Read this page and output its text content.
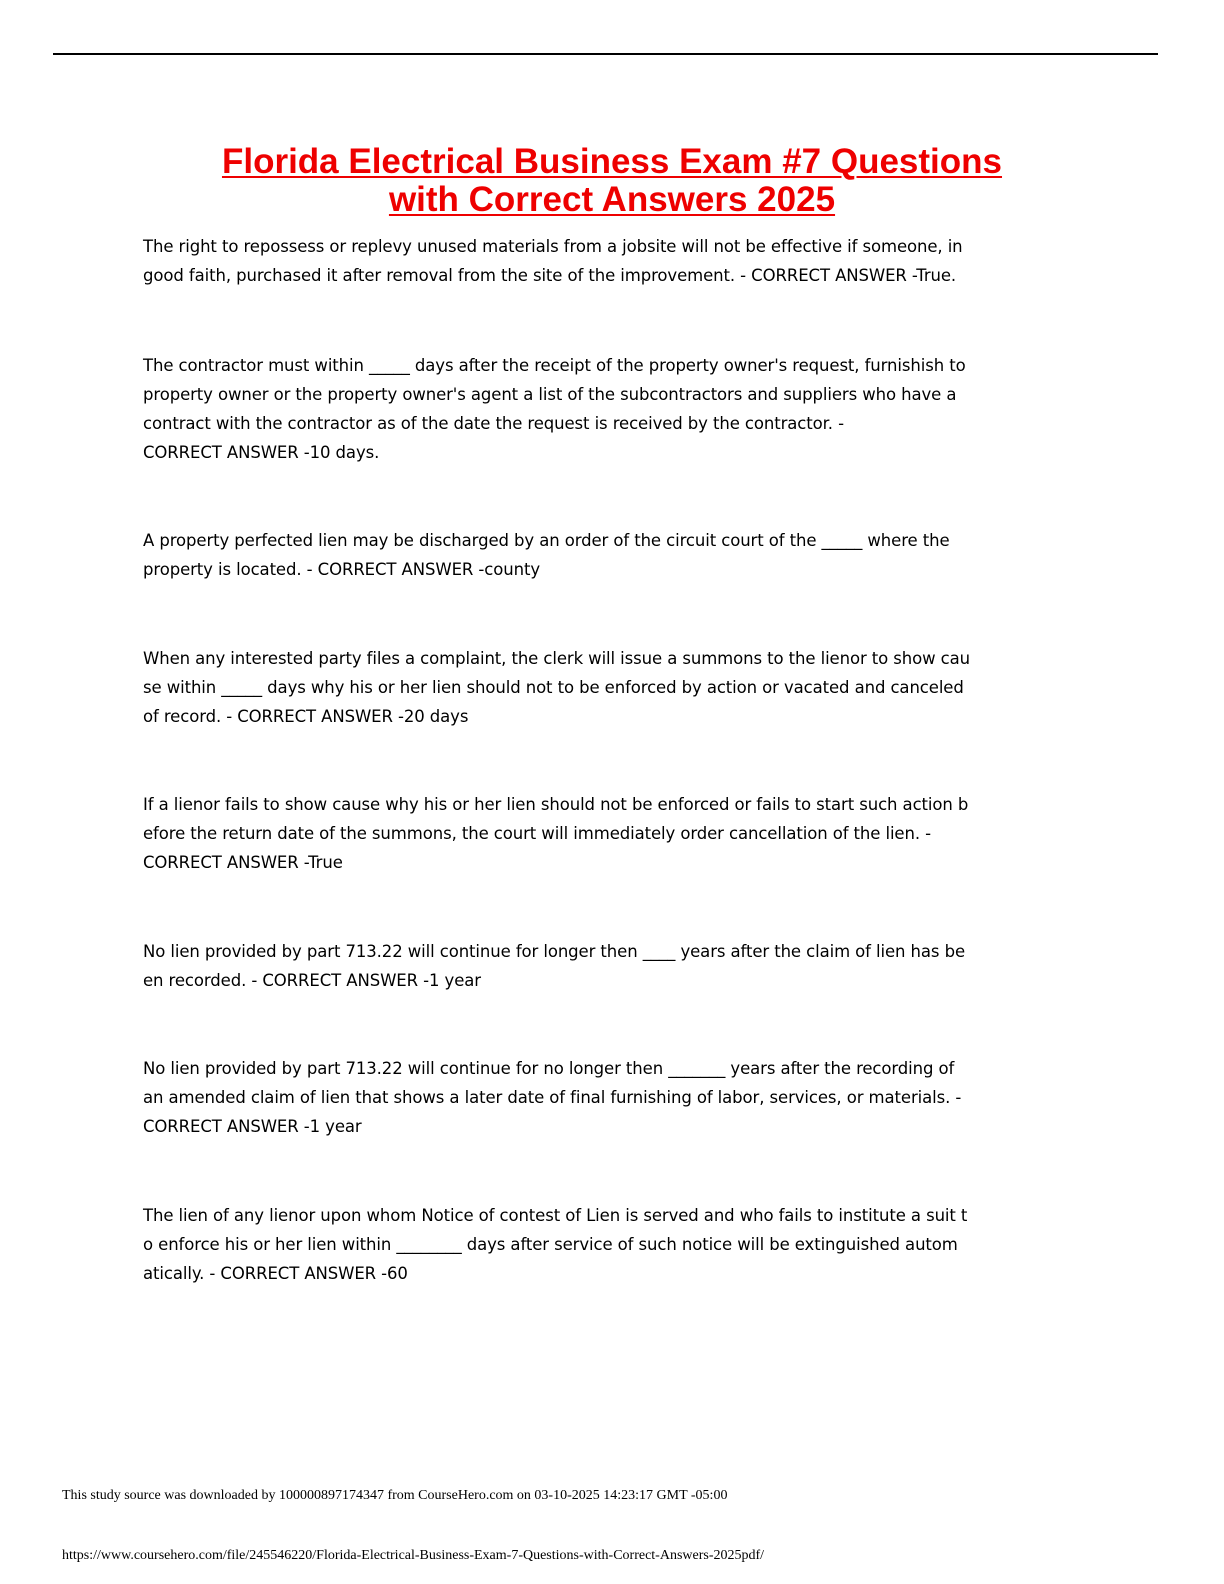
Florida Electrical Business Exam #7 Questions
with Correct Answers 2025

The right to repossess or replevy unused materials from a jobsite will not be effective if someone, in
good faith, purchased it after removal from the site of the improvement. - CORRECT ANSWER -True.

The contractor must within _____ days after the receipt of the property owner's request, furnishish to
property owner or the property owner's agent a list of the subcontractors and suppliers who have a
contract with the contractor as of the date the request is received by the contractor. -
CORRECT ANSWER -10 days.

A property perfected lien may be discharged by an order of the circuit court of the _____ where the
property is located. - CORRECT ANSWER -county

When any interested party files a complaint, the clerk will issue a summons to the lienor to show cau
se within _____ days why his or her lien should not to be enforced by action or vacated and canceled
of record. - CORRECT ANSWER -20 days

If a lienor fails to show cause why his or her lien should not be enforced or fails to start such action b
efore the return date of the summons, the court will immediately order cancellation of the lien. -
CORRECT ANSWER -True

No lien provided by part 713.22 will continue for longer then ____ years after the claim of lien has be
en recorded. - CORRECT ANSWER -1 year

No lien provided by part 713.22 will continue for no longer then _______ years after the recording of
an amended claim of lien that shows a later date of final furnishing of labor, services, or materials. -
CORRECT ANSWER -1 year

The lien of any lienor upon whom Notice of contest of Lien is served and who fails to institute a suit t
o enforce his or her lien within ________ days after service of such notice will be extinguished autom
atically. - CORRECT ANSWER -60

This study source was downloaded by 100000897174347 from CourseHero.com on 03-10-2025 14:23:17 GMT -05:00

https://www.coursehero.com/file/245546220/Florida-Electrical-Business-Exam-7-Questions-with-Correct-Answers-2025pdf/
